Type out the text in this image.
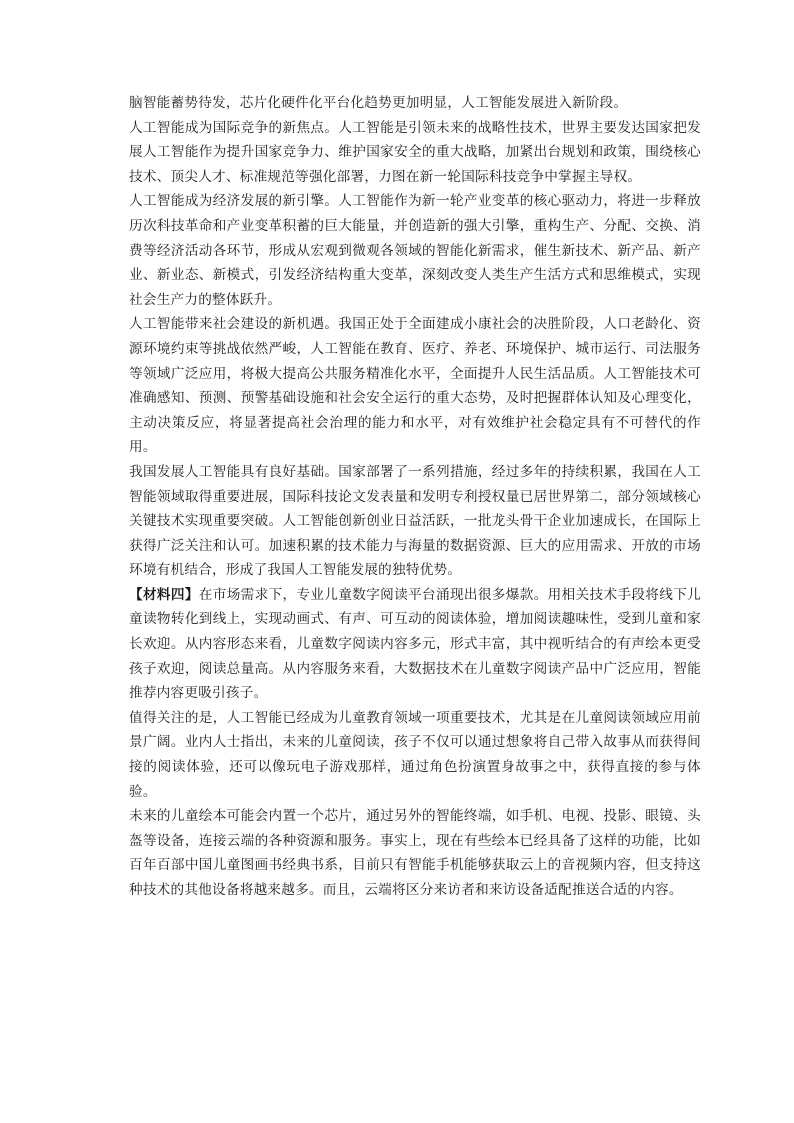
脑智能蓄势待发，芯片化硬件化平台化趋势更加明显，人工智能发展进入新阶段。

人工智能成为国际竞争的新焦点。人工智能是引领未来的战略性技术，世界主要发达国家把发展人工智能作为提升国家竞争力、维护国家安全的重大战略，加紧出台规划和政策，围绕核心技术、顶尖人才、标准规范等强化部署，力图在新一轮国际科技竞争中掌握主导权。

人工智能成为经济发展的新引擎。人工智能作为新一轮产业变革的核心驱动力，将进一步释放历次科技革命和产业变革积蓄的巨大能量，并创造新的强大引擎，重构生产、分配、交换、消费等经济活动各环节，形成从宏观到微观各领域的智能化新需求，催生新技术、新产品、新产业、新业态、新模式，引发经济结构重大变革，深刻改变人类生产生活方式和思维模式，实现社会生产力的整体跃升。

人工智能带来社会建设的新机遇。我国正处于全面建成小康社会的决胜阶段，人口老龄化、资源环境约束等挑战依然严峻，人工智能在教育、医疗、养老、环境保护、城市运行、司法服务等领域广泛应用，将极大提高公共服务精准化水平，全面提升人民生活品质。人工智能技术可准确感知、预测、预警基础设施和社会安全运行的重大态势，及时把握群体认知及心理变化，主动决策反应，将显著提高社会治理的能力和水平，对有效维护社会稳定具有不可替代的作用。

我国发展人工智能具有良好基础。国家部署了一系列措施，经过多年的持续积累，我国在人工智能领域取得重要进展，国际科技论文发表量和发明专利授权量已居世界第二，部分领域核心关键技术实现重要突破。人工智能创新创业日益活跃，一批龙头骨干企业加速成长，在国际上获得广泛关注和认可。加速积累的技术能力与海量的数据资源、巨大的应用需求、开放的市场环境有机结合，形成了我国人工智能发展的独特优势。

【材料四】在市场需求下，专业儿童数字阅读平台涌现出很多爆款。用相关技术手段将线下儿童读物转化到线上，实现动画式、有声、可互动的阅读体验，增加阅读趣味性，受到儿童和家长欢迎。从内容形态来看，儿童数字阅读内容多元，形式丰富，其中视听结合的有声绘本更受孩子欢迎，阅读总量高。从内容服务来看，大数据技术在儿童数字阅读产品中广泛应用，智能推荐内容更吸引孩子。

值得关注的是，人工智能已经成为儿童教育领域一项重要技术，尤其是在儿童阅读领域应用前景广阔。业内人士指出，未来的儿童阅读，孩子不仅可以通过想象将自己带入故事从而获得间接的阅读体验，还可以像玩电子游戏那样，通过角色扮演置身故事之中，获得直接的参与体验。

未来的儿童绘本可能会内置一个芯片，通过另外的智能终端，如手机、电视、投影、眼镜、头盔等设备，连接云端的各种资源和服务。事实上，现在有些绘本已经具备了这样的功能，比如百年百部中国儿童图画书经典书系，目前只有智能手机能够获取云上的音视频内容，但支持这种技术的其他设备将越来越多。而且，云端将区分来访者和来访设备适配推送合适的内容。
